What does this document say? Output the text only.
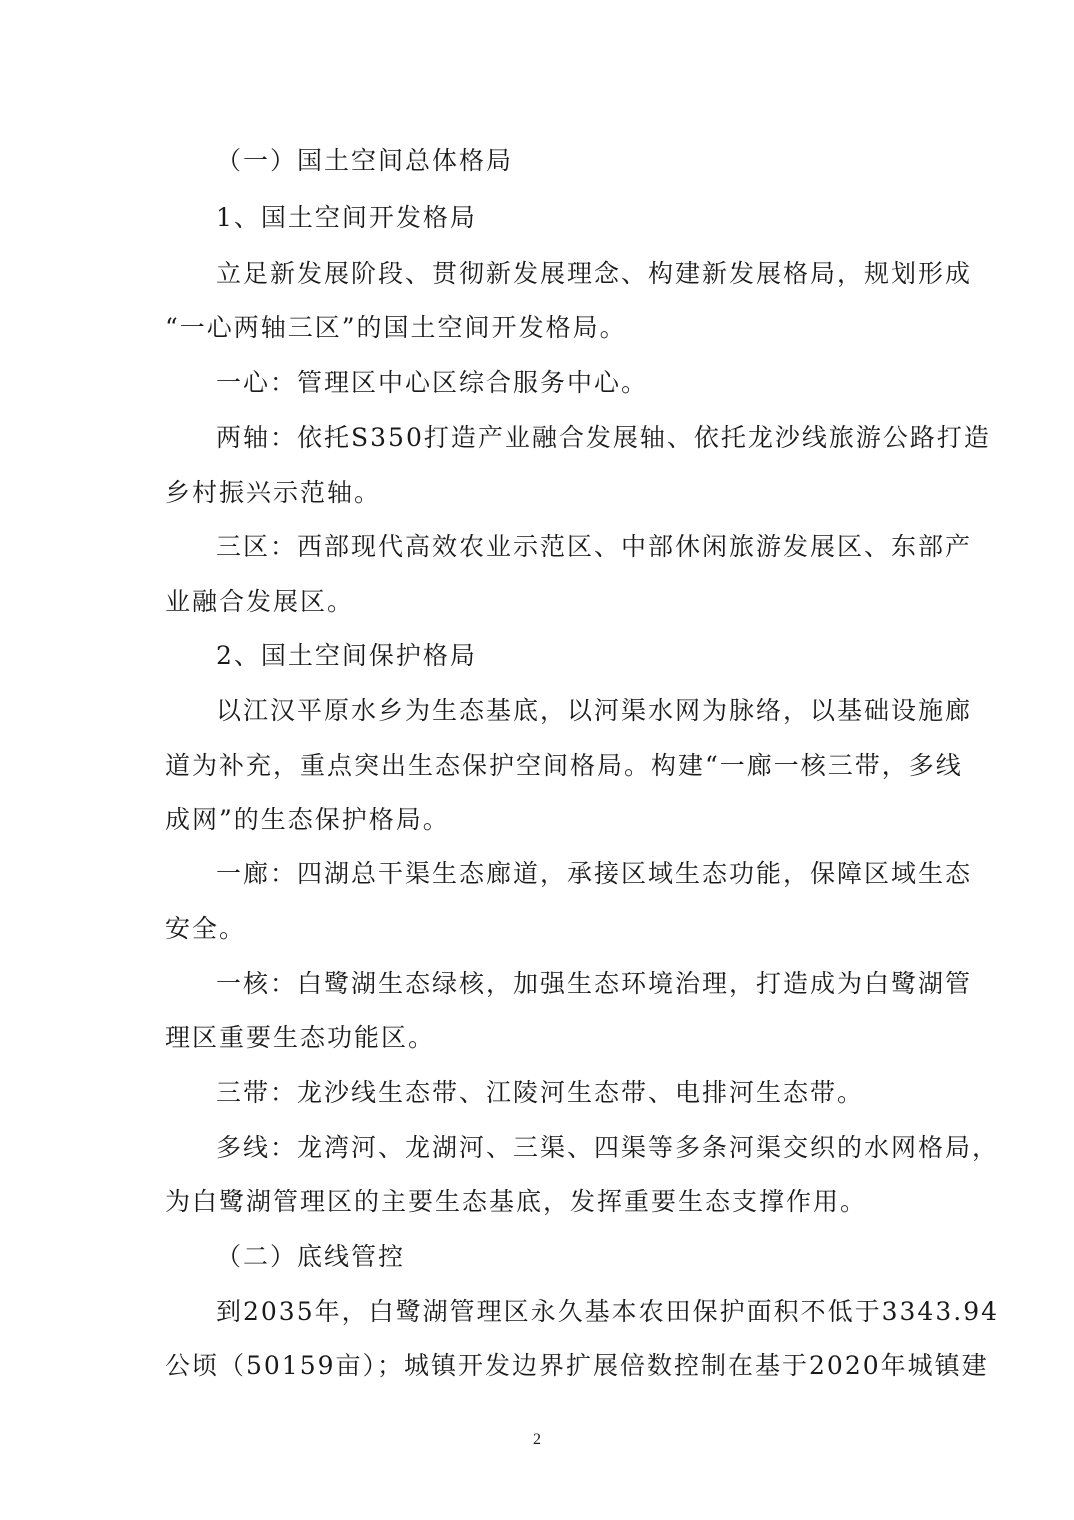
（一）国土空间总体格局
1、国土空间开发格局
立足新发展阶段、贯彻新发展理念、构建新发展格局，规划形成
“一心两轴三区”的国土空间开发格局。
一心：管理区中心区综合服务中心。
两轴：依托S350打造产业融合发展轴、依托龙沙线旅游公路打造
乡村振兴示范轴。
三区：西部现代高效农业示范区、中部休闲旅游发展区、东部产
业融合发展区。
2、国土空间保护格局
以江汉平原水乡为生态基底，以河渠水网为脉络，以基础设施廊
道为补充，重点突出生态保护空间格局。构建“一廊一核三带，多线
成网”的生态保护格局。
一廊：四湖总干渠生态廊道，承接区域生态功能，保障区域生态
安全。
一核：白鹭湖生态绿核，加强生态环境治理，打造成为白鹭湖管
理区重要生态功能区。
三带：龙沙线生态带、江陵河生态带、电排河生态带。
多线：龙湾河、龙湖河、三渠、四渠等多条河渠交织的水网格局，
为白鹭湖管理区的主要生态基底，发挥重要生态支撑作用。
（二）底线管控
到2035年，白鹭湖管理区永久基本农田保护面积不低于3343.94
公顷（50159亩）；城镇开发边界扩展倍数控制在基于2020年城镇建
2
